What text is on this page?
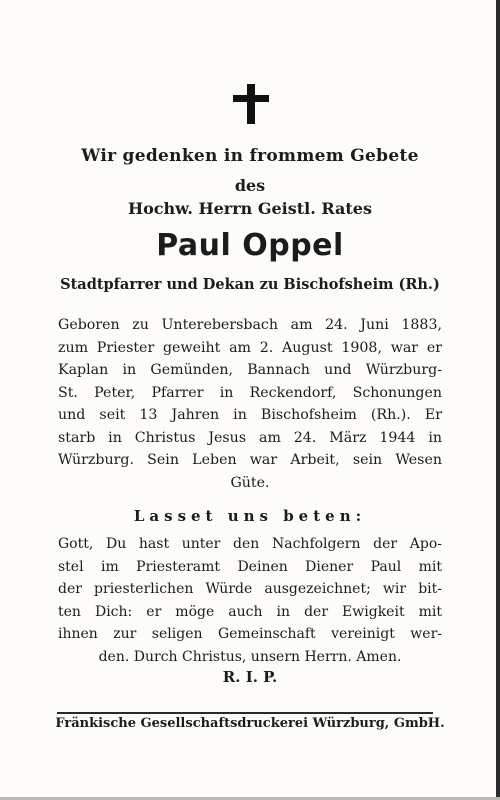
Wir gedenken in frommem Gebete
des
Hochw. Herrn Geistl. Rates
Paul Oppel
Stadtpfarrer und Dekan zu Bischofsheim (Rh.)
Geboren zu Unterebersbach am 24. Juni 1883,
zum Priester geweiht am 2. August 1908, war er
Kaplan in Gemünden, Bannach und Würzburg-
St. Peter, Pfarrer in Reckendorf, Schonungen
und seit 13 Jahren in Bischofsheim (Rh.). Er
starb in Christus Jesus am 24. März 1944 in
Würzburg. Sein Leben war Arbeit, sein Wesen
Güte.
Lasset uns beten:
Gott, Du hast unter den Nachfolgern der Apo-
stel im Priesteramt Deinen Diener Paul mit
der priesterlichen Würde ausgezeichnet; wir bit-
ten Dich: er möge auch in der Ewigkeit mit
ihnen zur seligen Gemeinschaft vereinigt wer-
den. Durch Christus, unsern Herrn. Amen.
R. I. P.
Fränkische Gesellschaftsdruckerei Würzburg, GmbH.
